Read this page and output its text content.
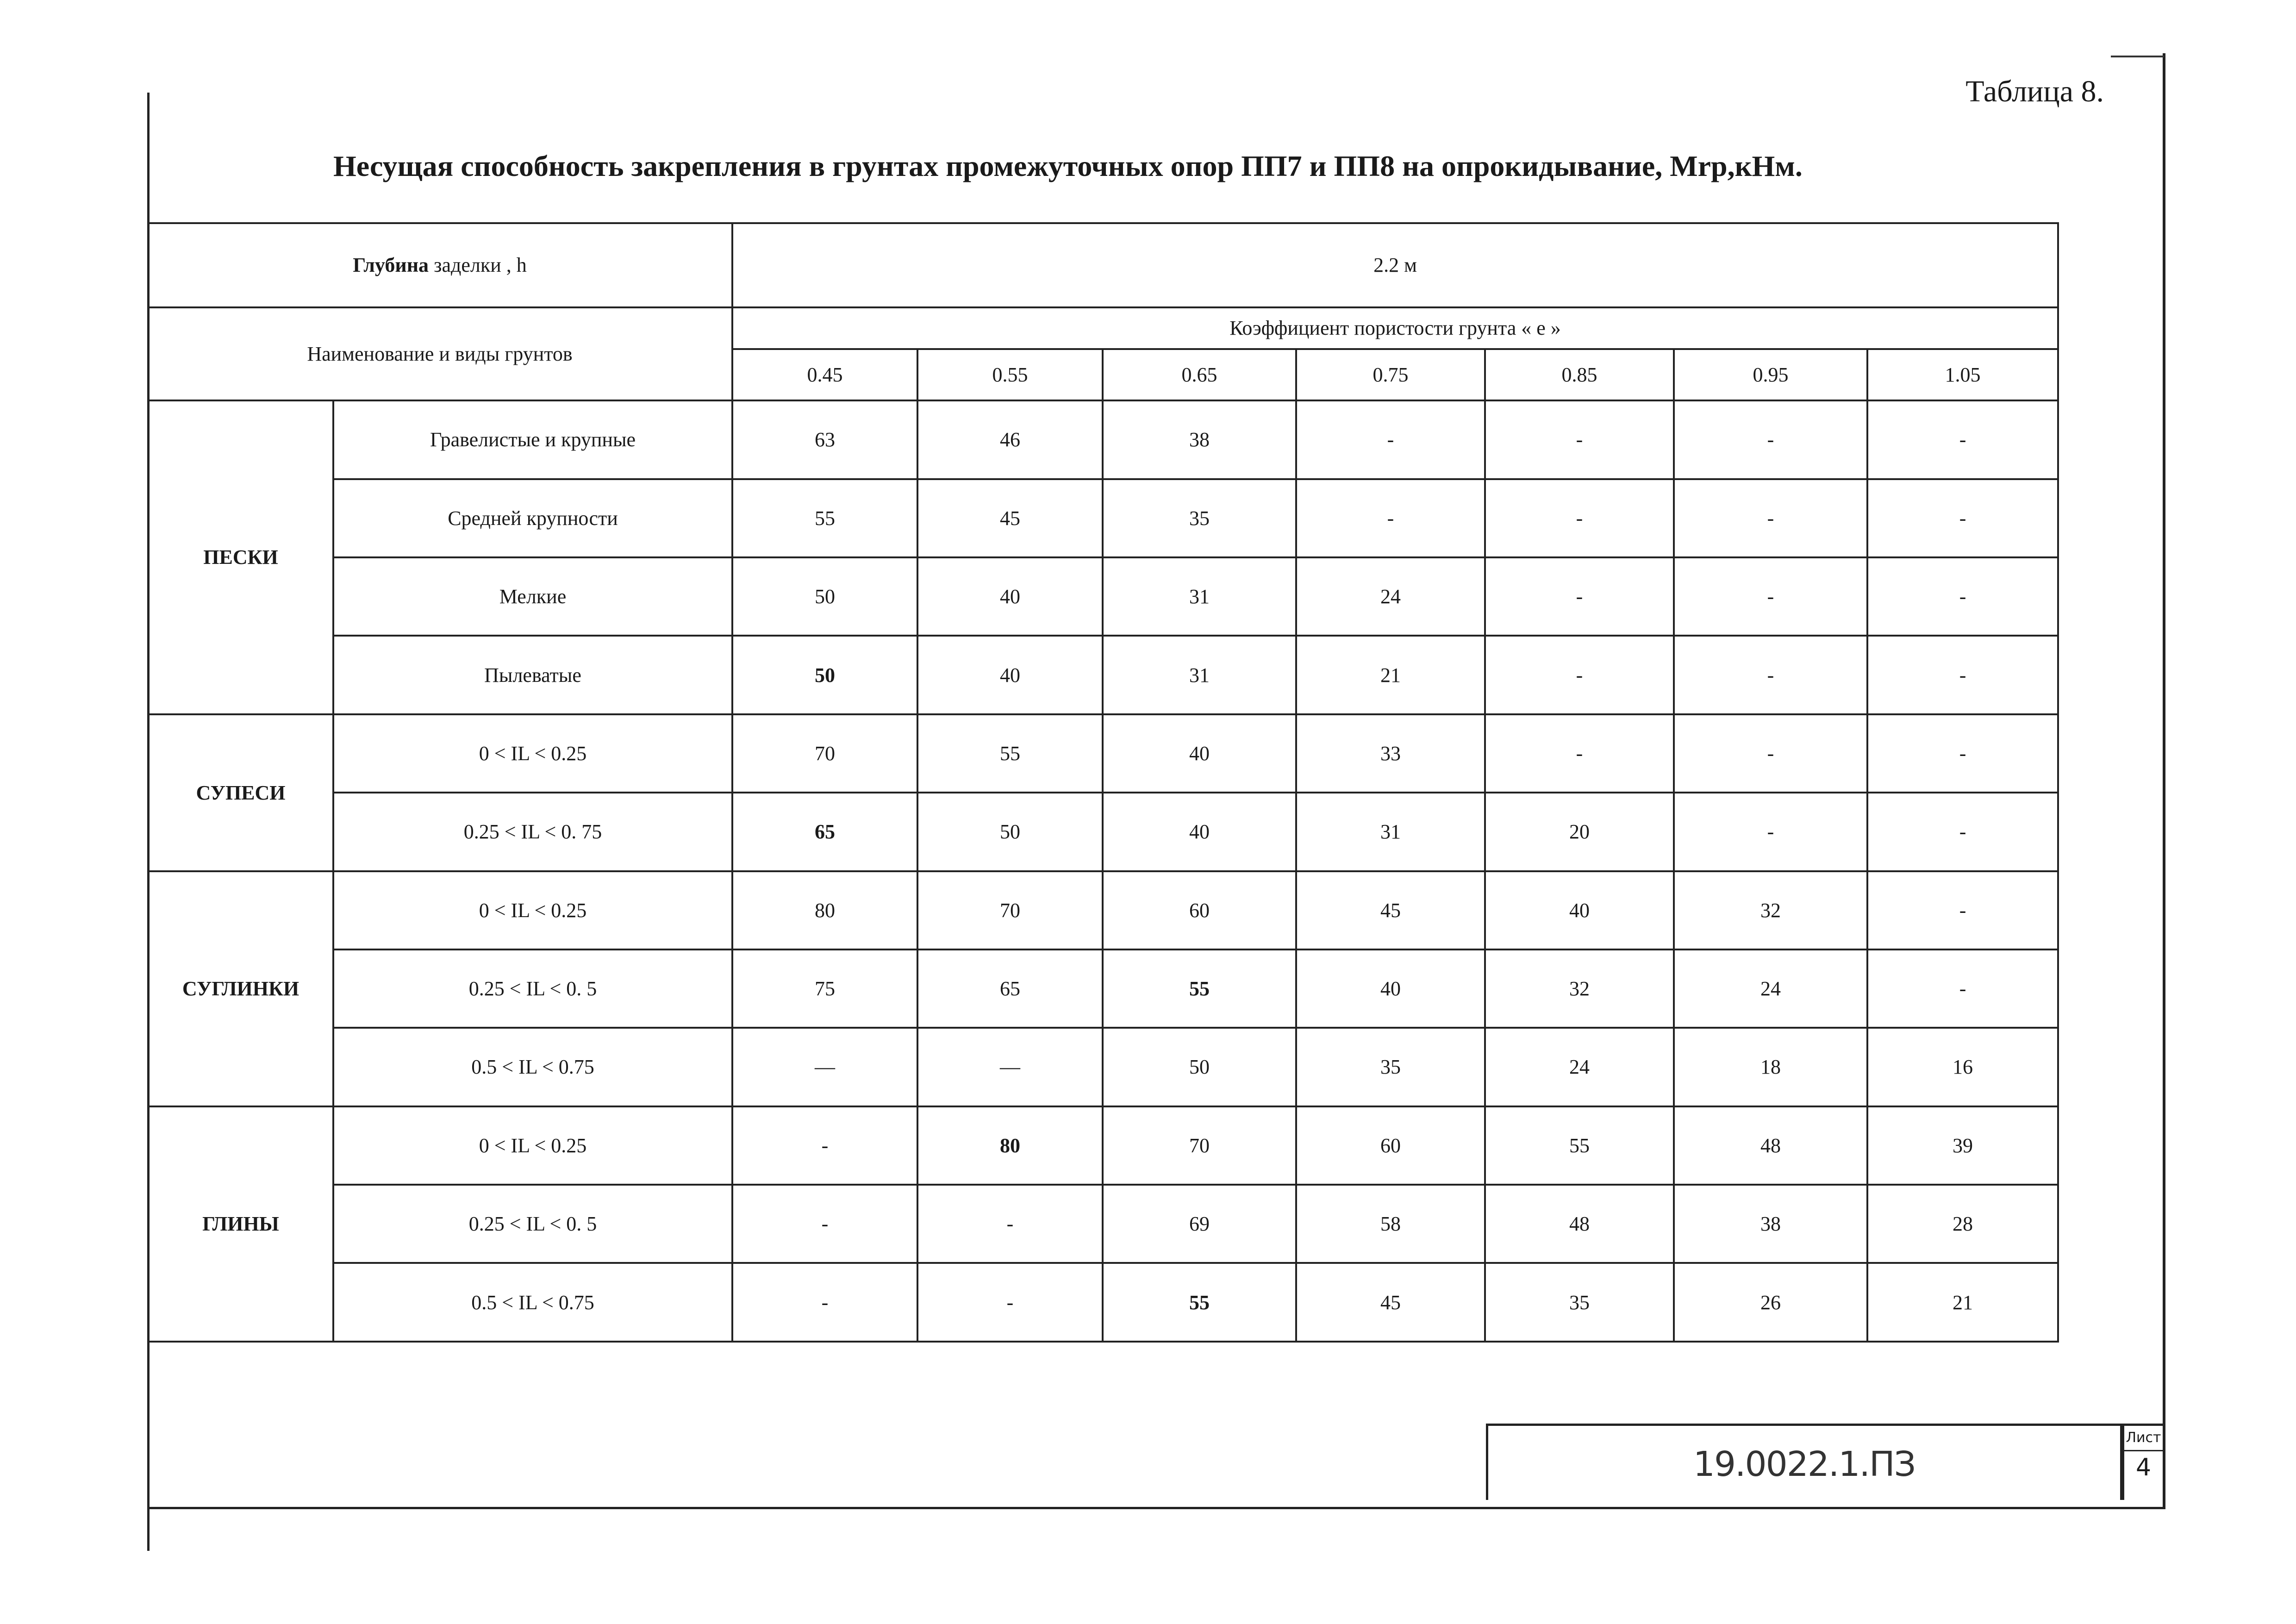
Таблица 8.
Несущая способность закрепления в грунтах промежуточных опор ПП7 и ПП8 на опрокидывание, Мrр,кНм.
Глубина заделки , h		2.2 м						
Наименование и виды грунтов		Коэффициент пористости грунта « е »						
		0.45	0.55	0.65	0.75	0.85	0.95	1.05
ПЕСКИ	Гравелистые и крупные	63	46	38	-	-	-	-
	Средней крупности	55	45	35	-	-	-	-
	Мелкие	50	40	31	24	-	-	-
	Пылеватые	50	40	31	21	-	-	-
СУПЕСИ	0 < IL < 0.25	70	55	40	33	-	-	-
	0.25 < IL < 0. 75	65	50	40	31	20	-	-
СУГЛИНКИ	0 < IL < 0.25	80	70	60	45	40	32	-
	0.25 < IL < 0. 5	75	65	55	40	32	24	-
	0.5 < IL < 0.75	—	—	50	35	24	18	16
ГЛИНЫ	0 < IL < 0.25	-	80	70	60	55	48	39
	0.25 < IL < 0. 5	-	-	69	58	48	38	28
	0.5 < IL < 0.75	-	-	55	45	35	26	21
19.0022.1.ПЗ
Лист
4
